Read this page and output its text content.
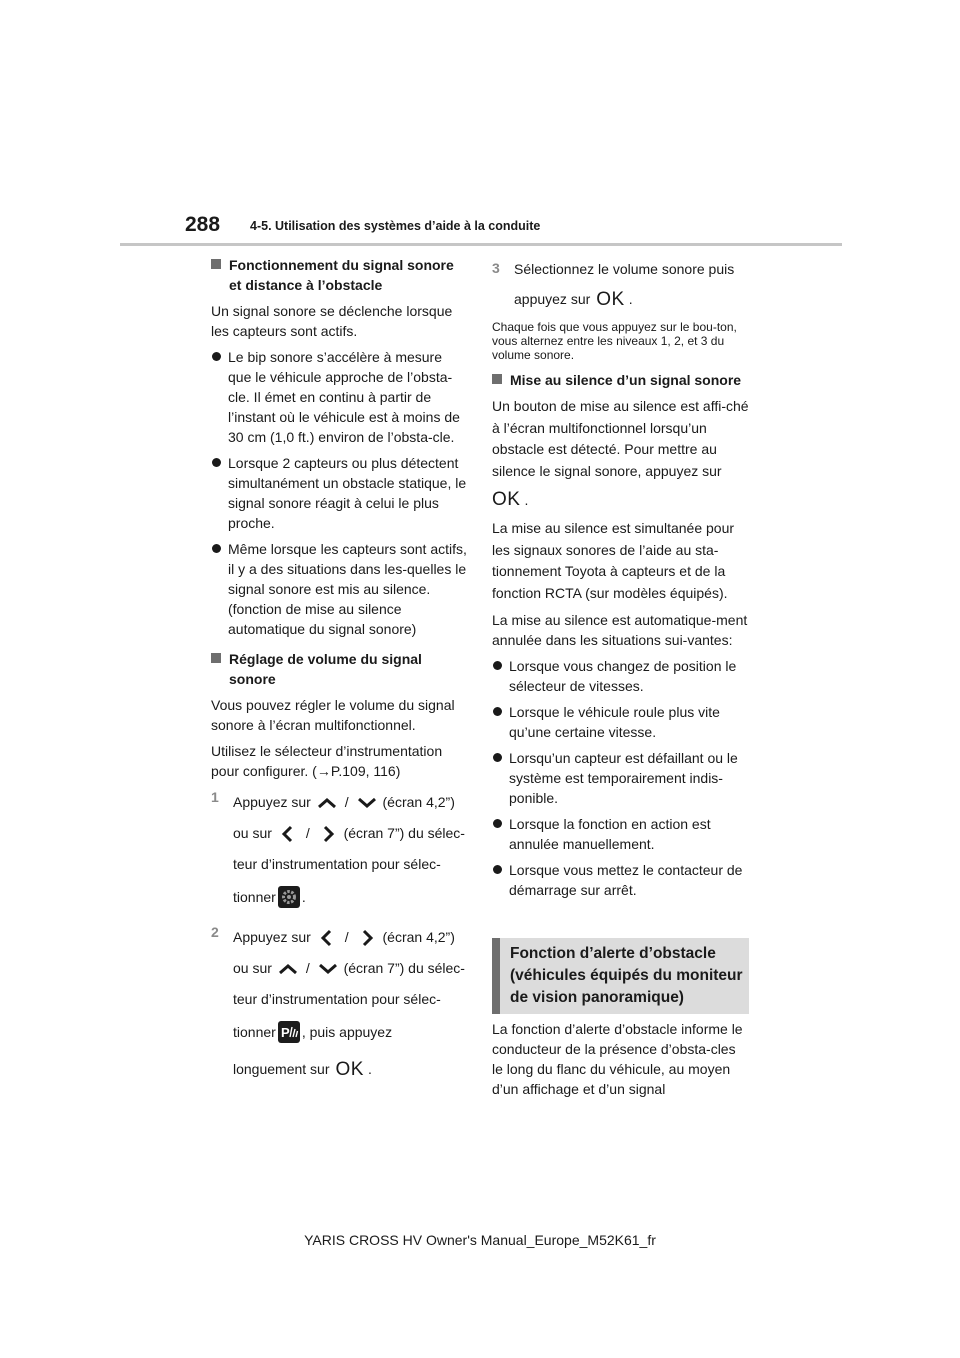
288 4-5. Utilisation des systèmes d’aide à la conduite
Fonctionnement du signal sonore et distance à l’obstacle

Un signal sonore se déclenche lorsque les capteurs sont actifs.

Le bip sonore s’accélère à mesure que le véhicule approche de l’obsta-cle. Il émet en continu à partir de l’instant où le véhicule est à moins de 30 cm (1,0 ft.) environ de l’obsta-cle.
Lorsque 2 capteurs ou plus détectent simultanément un obstacle statique, le signal sonore réagit à celui le plus proche.
Même lorsque les capteurs sont actifs, il y a des situations dans les-quelles le signal sonore est mis au silence. (fonction de mise au silence automatique du signal sonore)
Réglage de volume du signal sonore

Vous pouvez régler le volume du signal sonore à l’écran multifonctionnel.

Utilisez le sélecteur d’instrumentation pour configurer. (→P.109, 116)

1 Appuyez sur
/
(écran 4,2”)
ou sur
/
(écran 7”) du sélec-
teur d’instrumentation pour sélec-
tionner .
2 Appuyez sur
/
(écran 4,2”)
ou sur
/
(écran 7”) du sélec-
teur d’instrumentation pour sélec-
tionner P , puis appuyez
longuement sur OK .
3 Sélectionnez le volume sonore puis
appuyez sur OK .

Chaque fois que vous appuyez sur le bou-ton, vous alternez entre les niveaux 1, 2, et 3 du volume sonore.

Mise au silence d’un signal sonore

Un bouton de mise au silence est affi-ché à l’écran multifonctionnel lorsqu’un obstacle est détecté. Pour mettre au silence le signal sonore, appuyez sur

OK .

La mise au silence est simultanée pour les signaux sonores de l’aide au sta-tionnement Toyota à capteurs et de la fonction RCTA (sur modèles équipés).

La mise au silence est automatique-ment annulée dans les situations sui-vantes:

Lorsque vous changez de position le sélecteur de vitesses.
Lorsque le véhicule roule plus vite qu’une certaine vitesse.
Lorsqu’un capteur est défaillant ou le système est temporairement indis-ponible.
Lorsque la fonction en action est annulée manuellement.
Lorsque vous mettez le contacteur de démarrage sur arrêt.
Fonction d’alerte d’obstacle (véhicules équipés du moniteur de vision panoramique)
La fonction d’alerte d’obstacle informe le conducteur de la présence d’obsta-cles le long du flanc du véhicule, au moyen d’un affichage et d’un signal
YARIS CROSS HV Owner's Manual_Europe_M52K61_fr
